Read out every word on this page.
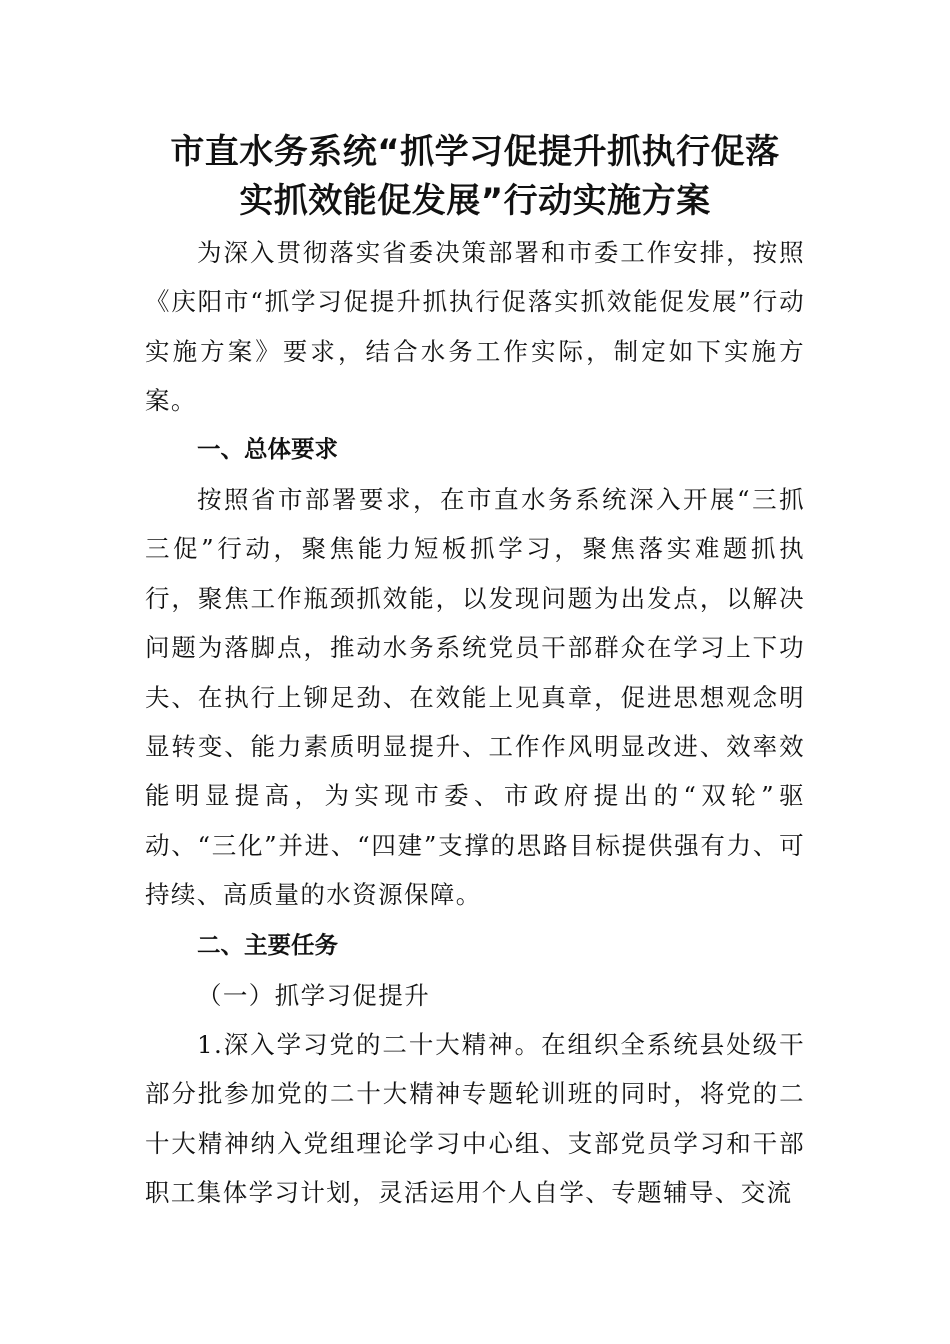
市直水务系统“抓学习促提升抓执行促落
实抓效能促发展”行动实施方案

为深入贯彻落实省委决策部署和市委工作安排，按照《庆阳市“抓学习促提升抓执行促落实抓效能促发展”行动实施方案》要求，结合水务工作实际，制定如下实施方案。

一、总体要求

按照省市部署要求，在市直水务系统深入开展“三抓三促”行动，聚焦能力短板抓学习，聚焦落实难题抓执行，聚焦工作瓶颈抓效能，以发现问题为出发点，以解决问题为落脚点，推动水务系统党员干部群众在学习上下功夫、在执行上铆足劲、在效能上见真章，促进思想观念明显转变、能力素质明显提升、工作作风明显改进、效率效能明显提高，为实现市委、市政府提出的“双轮”驱动、“三化”并进、“四建”支撑的思路目标提供强有力、可持续、高质量的水资源保障。

二、主要任务

（一）抓学习促提升

1.深入学习党的二十大精神。在组织全系统县处级干部分批参加党的二十大精神专题轮训班的同时，将党的二十大精神纳入党组理论学习中心组、支部党员学习和干部职工集体学习计划，灵活运用个人自学、专题辅导、交流
